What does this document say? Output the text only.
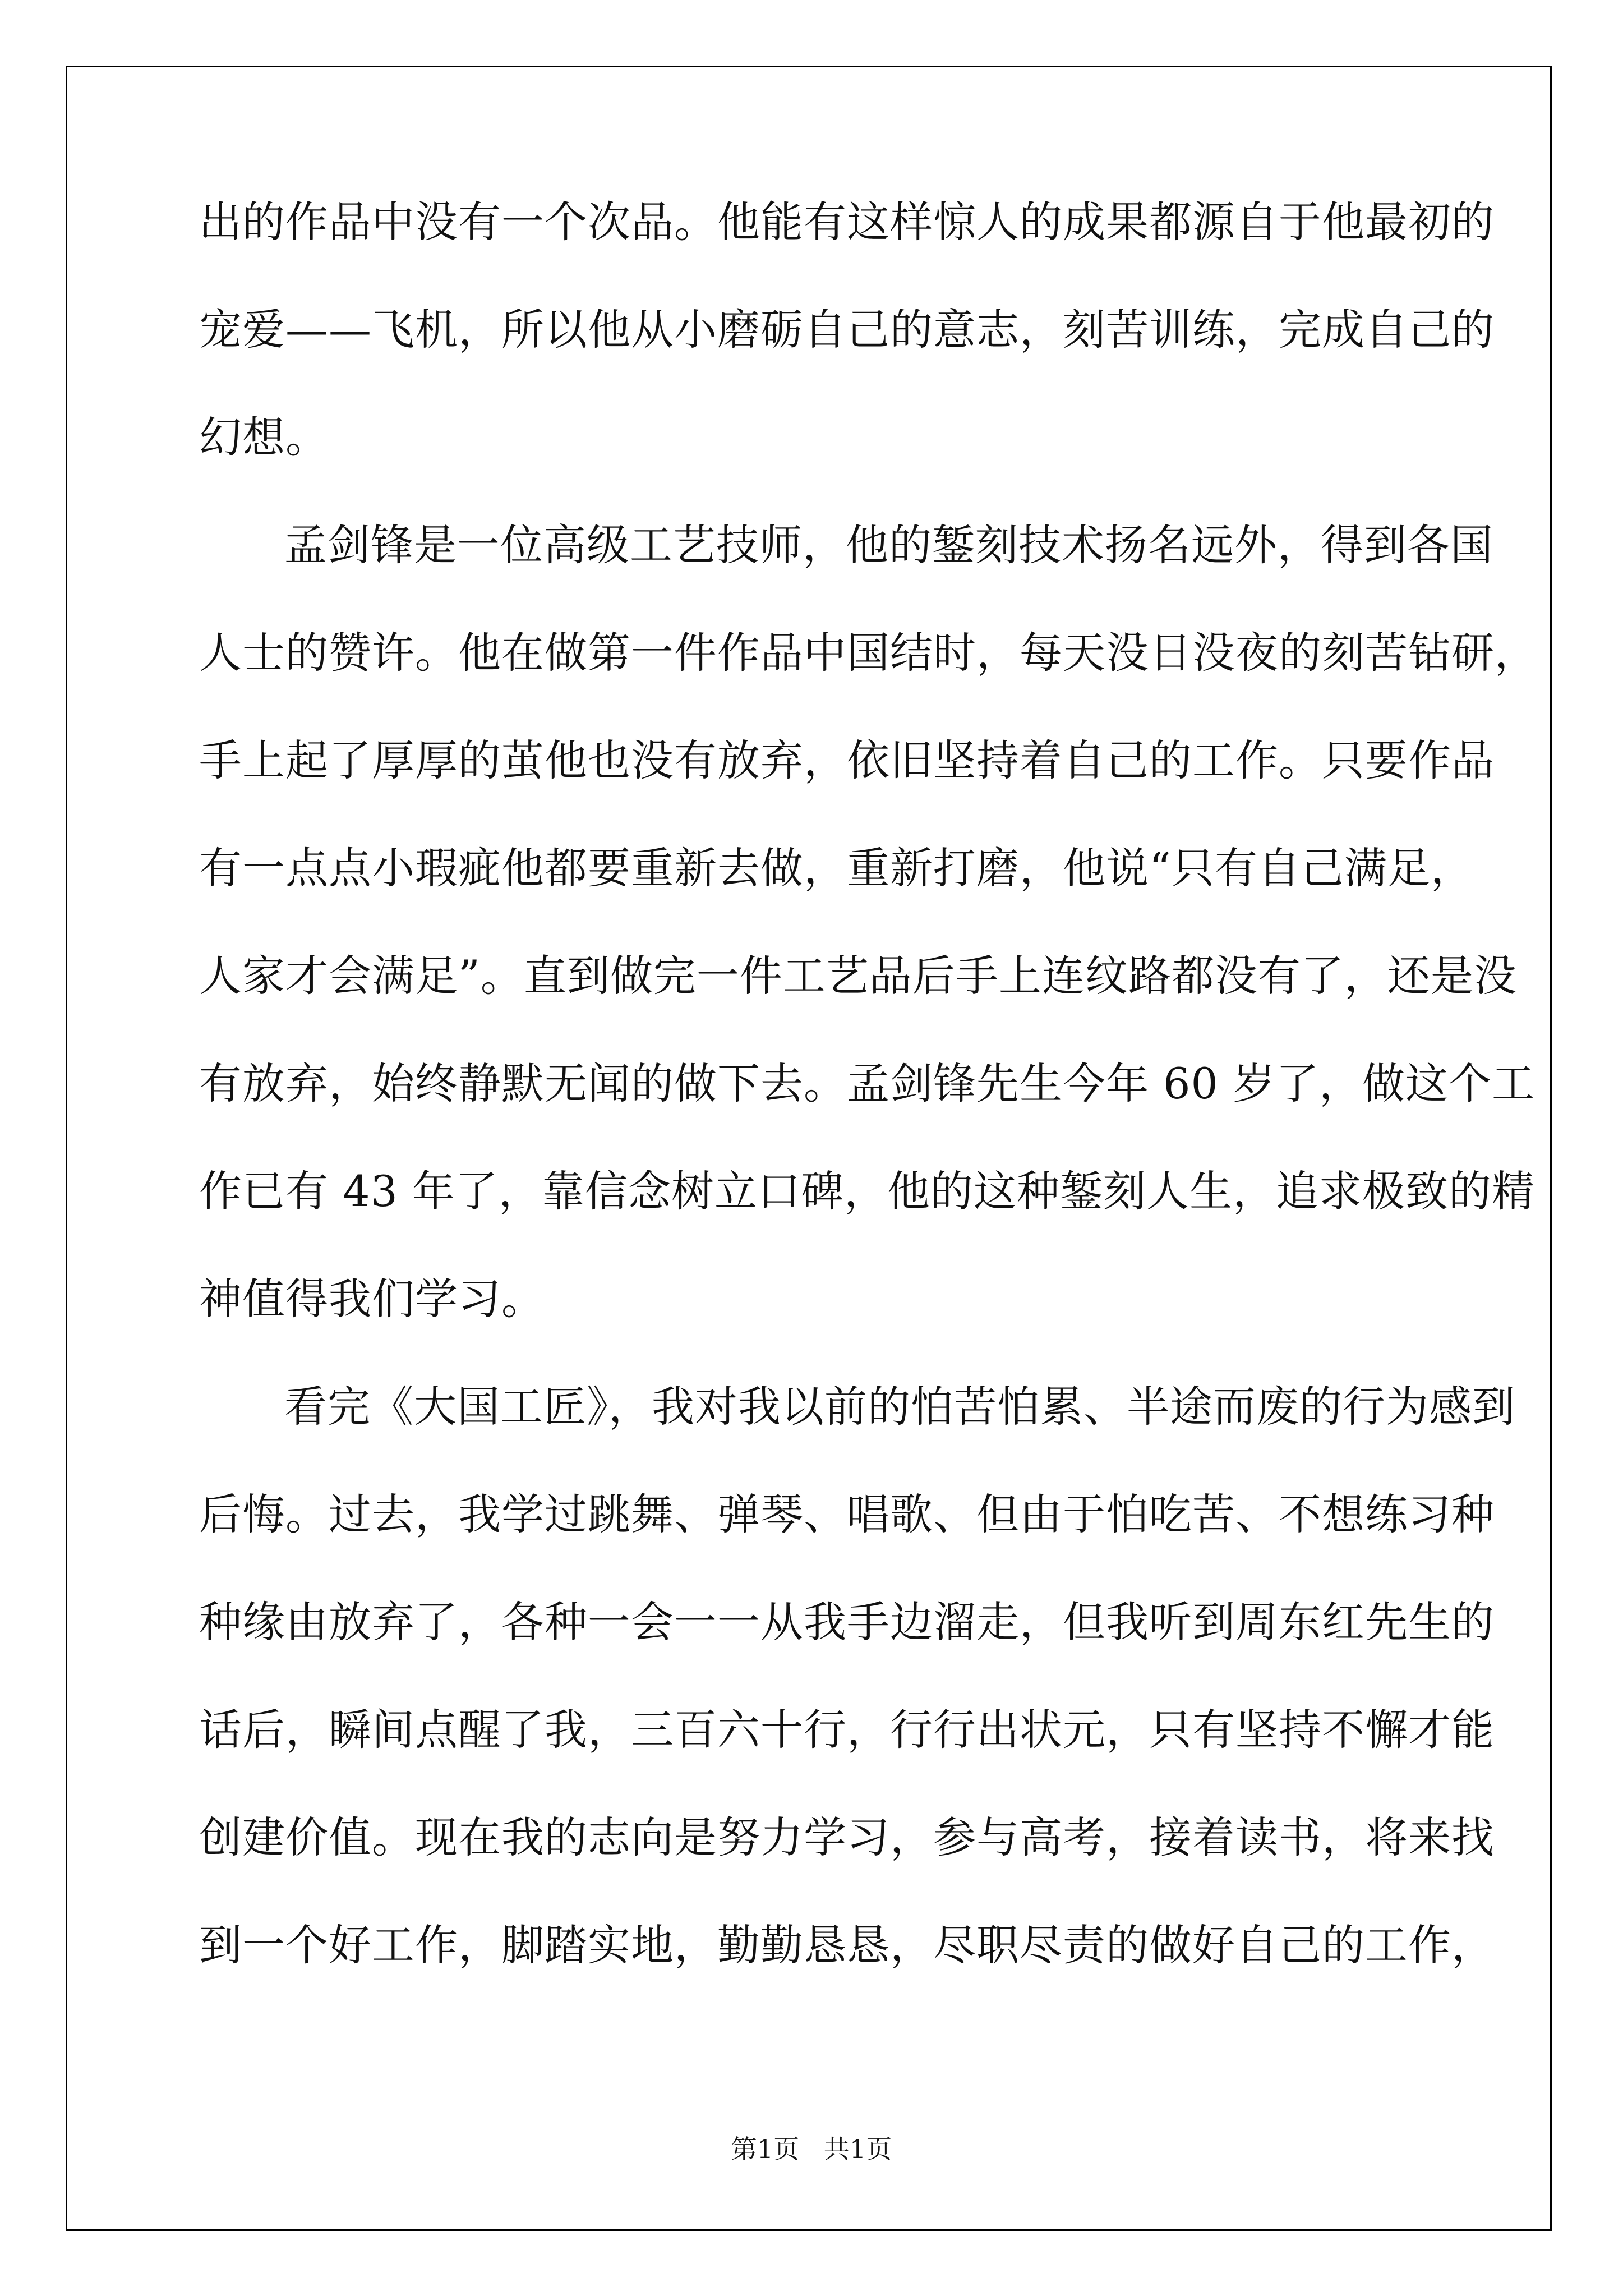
出的作品中没有一个次品。他能有这样惊人的成果都源自于他最初的
宠爱——飞机，所以他从小磨砺自己的意志，刻苦训练，完成自己的
幻想。
孟剑锋是一位高级工艺技师，他的錾刻技术扬名远外，得到各国
人士的赞许。他在做第一件作品中国结时，每天没日没夜的刻苦钻研，
手上起了厚厚的茧他也没有放弃，依旧坚持着自己的工作。只要作品
有一点点小瑕疵他都要重新去做，重新打磨，他说“只有自己满足，
人家才会满足”。直到做完一件工艺品后手上连纹路都没有了，还是没
有放弃，始终静默无闻的做下去。孟剑锋先生今年 60 岁了，做这个工
作已有 43 年了，靠信念树立口碑，他的这种錾刻人生，追求极致的精
神值得我们学习。
看完《大国工匠》，我对我以前的怕苦怕累、半途而废的行为感到
后悔。过去，我学过跳舞、弹琴、唱歌、但由于怕吃苦、不想练习种
种缘由放弃了，各种一会一一从我手边溜走，但我听到周东红先生的
话后，瞬间点醒了我，三百六十行，行行出状元，只有坚持不懈才能
创建价值。现在我的志向是努力学习，参与高考，接着读书，将来找
到一个好工作，脚踏实地，勤勤恳恳，尽职尽责的做好自己的工作，
第1页   共1页
